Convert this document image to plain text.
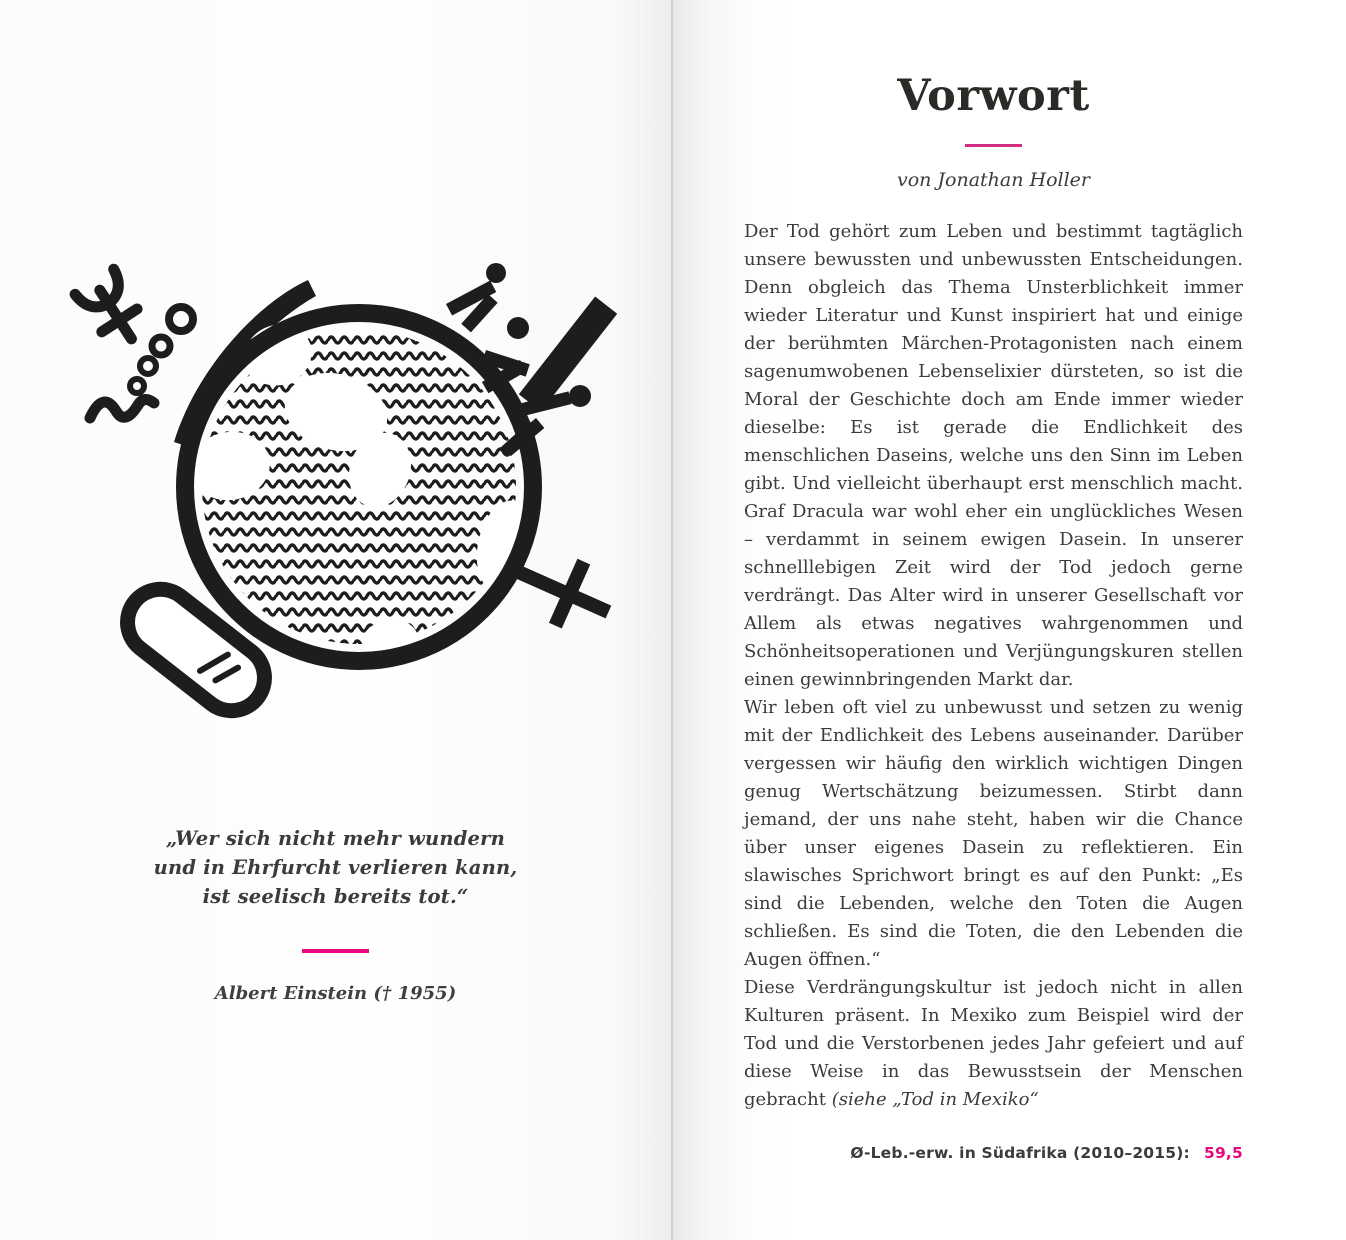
„Wer sich nicht mehr wundern
und in Ehrfurcht verlieren kann,
ist seelisch bereits tot.“
Albert Einstein († 1955)
Vorwort
von Jonathan Holler

Der Tod gehört zum Leben und bestimmt tagtäglich unsere bewussten und unbewussten Entscheidungen. Denn obgleich das Thema Unsterblichkeit immer wieder Literatur und Kunst inspiriert hat und einige der berühmten Märchen-Protagonisten nach einem sagenumwobenen Lebenselixier dürsteten, so ist die Moral der Geschichte doch am Ende immer wieder dieselbe: Es ist gerade die Endlichkeit des menschlichen Daseins, welche uns den Sinn im Leben gibt. Und vielleicht überhaupt erst menschlich macht. Graf Dracula war wohl eher ein unglückliches Wesen – verdammt in seinem ewigen Dasein. In unserer schnelllebigen Zeit wird der Tod jedoch gerne verdrängt. Das Alter wird in unserer Gesellschaft vor Allem als etwas negatives wahrgenommen und Schönheitsoperationen und Verjüngungskuren stellen einen gewinnbringenden Markt dar.

Wir leben oft viel zu unbewusst und setzen zu wenig mit der Endlichkeit des Lebens auseinander. Darüber vergessen wir häufig den wirklich wichtigen Dingen genug Wertschätzung beizumessen. Stirbt dann jemand, der uns nahe steht, haben wir die Chance über unser eigenes Dasein zu reflektieren. Ein slawisches Sprichwort bringt es auf den Punkt: „Es sind die Lebenden, welche den Toten die Augen schließen. Es sind die Toten, die den Lebenden die Augen öffnen.“

Diese Verdrängungskultur ist jedoch nicht in allen Kulturen präsent. In Mexiko zum Beispiel wird der Tod und die Verstorbenen jedes Jahr gefeiert und auf diese Weise in das Bewusstsein der Menschen gebracht (siehe „Tod in Mexiko“

Ø-Leb.-erw. in Südafrika (2010–2015): 59,5
